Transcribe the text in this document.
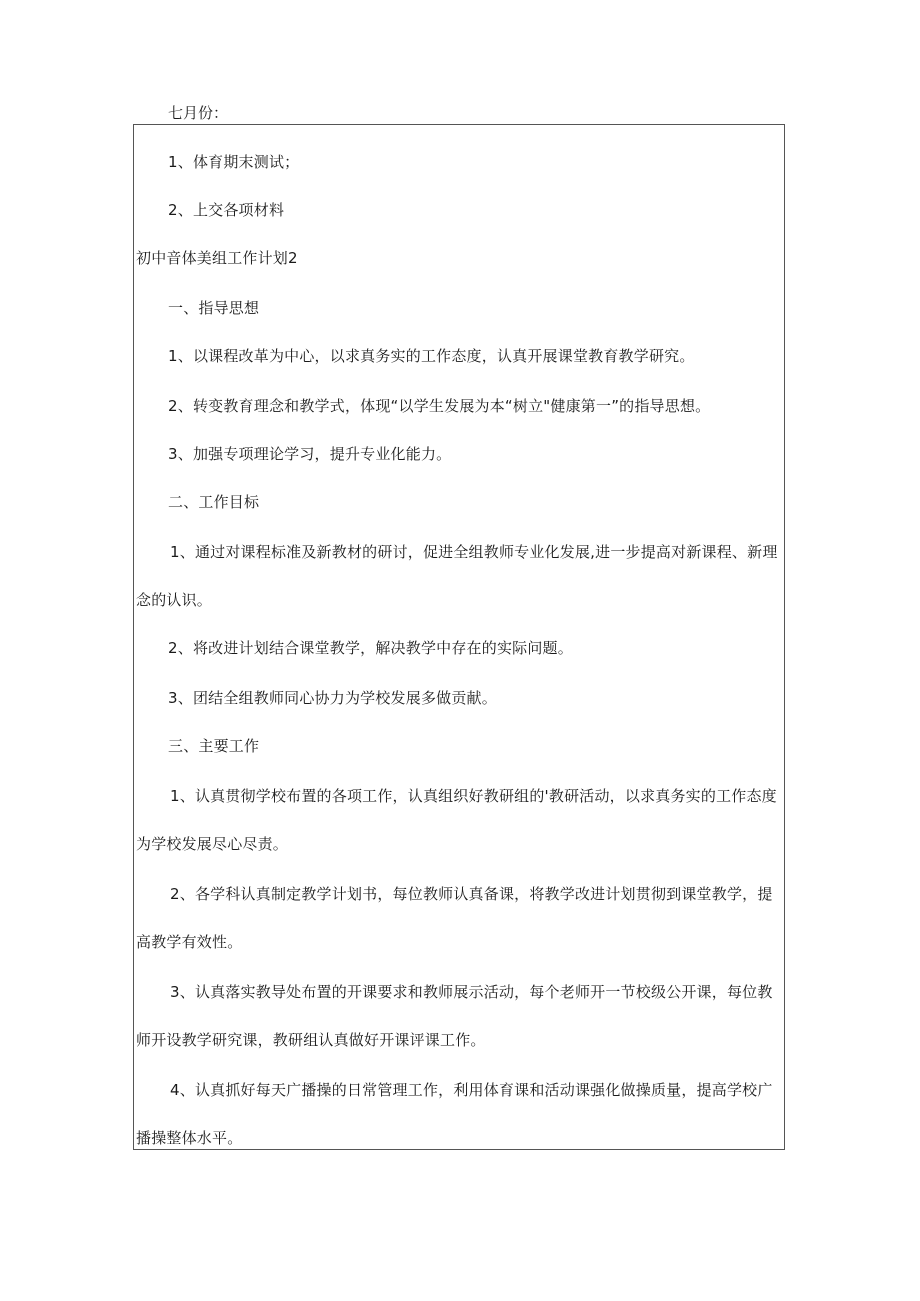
七月份：

1、体育期末测试；

2、上交各项材料

初中音体美组工作计划2

一、指导思想

1、以课程改革为中心，以求真务实的工作态度，认真开展课堂教育教学研究。

2、转变教育理念和教学式，体现“以学生发展为本“树立"健康第一”的指导思想。

3、加强专项理论学习，提升专业化能力。

二、工作目标

1、通过对课程标准及新教材的研讨，促进全组教师专业化发展,进一步提高对新课程、新理念的认识。

2、将改进计划结合课堂教学，解决教学中存在的实际问题。

3、团结全组教师同心协力为学校发展多做贡献。

三、主要工作

1、认真贯彻学校布置的各项工作，认真组织好教研组的'教研活动，以求真务实的工作态度为学校发展尽心尽责。

2、各学科认真制定教学计划书，每位教师认真备课，将教学改进计划贯彻到课堂教学，提高教学有效性。

3、认真落实教导处布置的开课要求和教师展示活动，每个老师开一节校级公开课，每位教师开设教学研究课，教研组认真做好开课评课工作。

4、认真抓好每天广播操的日常管理工作，利用体育课和活动课强化做操质量，提高学校广播操整体水平。
